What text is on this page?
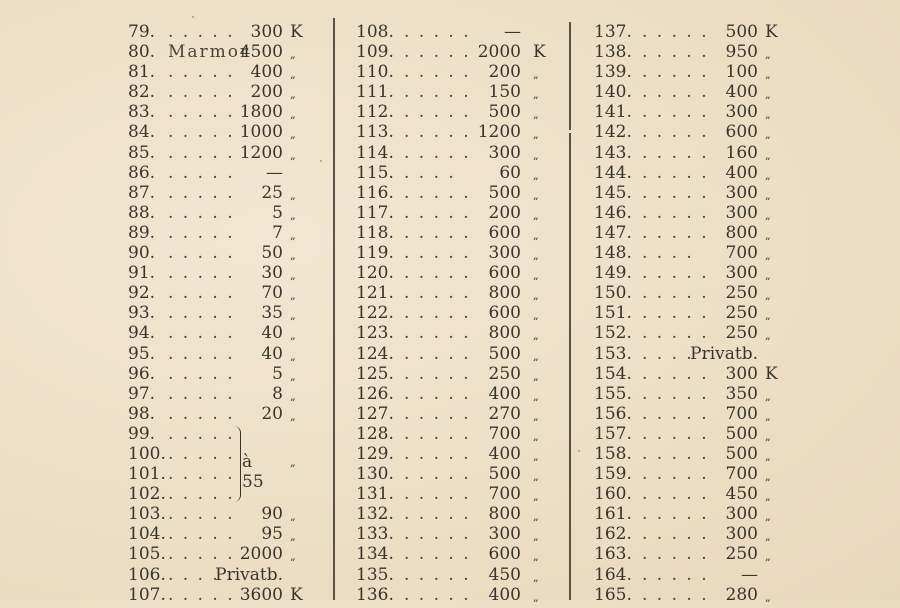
79. . . . . . 300 K
80. Marmor
4500 „
81. . . . . . 400 „
82. . . . . . 200 „
83. . . . . . 1800 „
84. . . . . . 1000 „
85. . . . . . 1200 „
86. . . . . . —
87. . . . . . 25 „
88. . . . . . 5 „
89. . . . . . 7 „
90. . . . . . 50 „
91. . . . . . 30 „
92. . . . . . 70 „
93. . . . . . 35 „
94. . . . . . 40 „
95. . . . . . 40 „
96. . . . . . 5 „
97. . . . . . 8 „
98. . . . . . 20 „
99. . . . . .
100. . . . . .
101. . . . . .
102. . . . . .
103. . . . . . 90 „
104. . . . . . 95 „
105. . . . . . 2000 „
106. . . . . .
Privatb.
107. . . . . . 3600 K
108. . . . . . —
109. . . . . . 2000 K
110. . . . . . 200 „
111. . . . . . 150 „
112. . . . . . 500 „
113. . . . . . 1200 „
114. . . . . . 300 „
115. . . . .	60 „
116. . . . . . 500 „
117. . . . . . 200 „
118. . . . . . 600 „
119. . . . . . 300 „
120. . . . . . 600 „
121. . . . . . 800 „
122. . . . . . 600 „
123. . . . . . 800 „
124. . . . . . 500 „
125. . . . . . 250 „
126. . . . . . 400 „
127. . . . . . 270 „
128. . . . . . 700 „
129. . . . . . 400 „
130. . . . . . 500 „
131. . . . . . 700 „
132. . . . . . 800 „
133. . . . . . 300 „
134. . . . . . 600 „
135. . . . . . 450 „
136. . . . . . 400 „
137. . . . . . 500 K
138. . . . . . 950 „
139. . . . . . 100 „
140. . . . . . 400 „
141. . . . . . 300 „
142. . . . . . 600 „
143. . . . . . 160 „
144. . . . . . 400 „
145. . . . . . 300 „
146. . . . . . 300 „
147. . . . . . 800 „
148. . . . . 700 „
149. . . . . . 300 „
150. . . . . . 250 „
151. . . . . . 250 „
152. . . . . . 250 „
153. . . . . .
Privatb.
154. . . . . . 300 K
155. . . . . . 350 „
156. . . . . . 700 „
157. . . . . . 500 „
158. . . . . . 500 „
159. . . . . . 700 „
160. . . . . . 450 „
161. . . . . . 300 „
162. . . . . . 300 „
163. . . . . . 250 „
164. . . . . . —
165. . . . . . 280 „
à 55
„
